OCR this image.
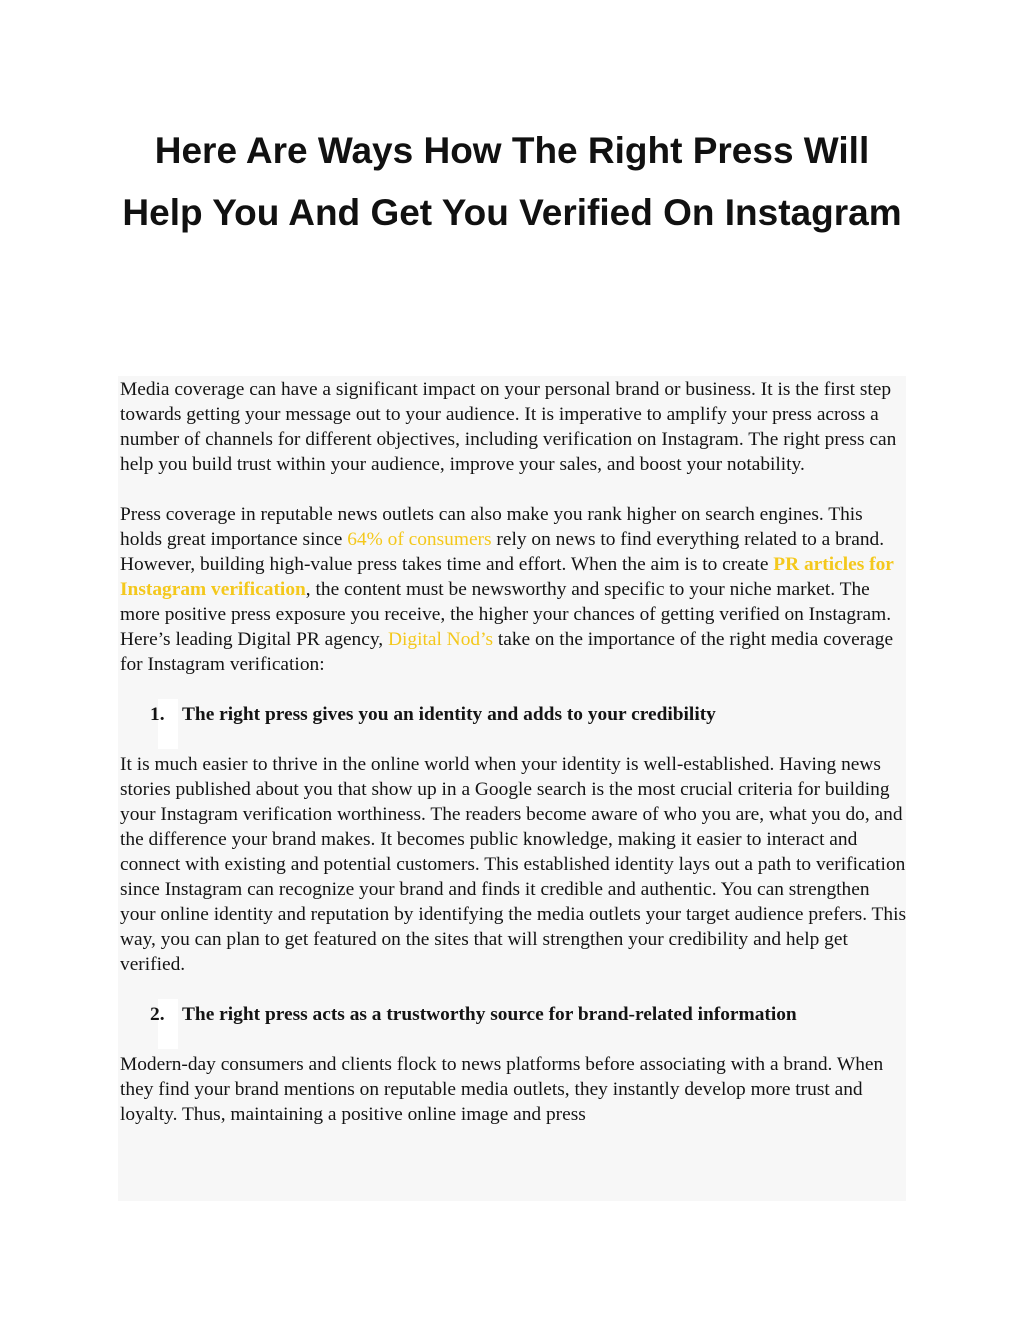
Here Are Ways How The Right Press Will Help You And Get You Verified On Instagram

Media coverage can have a significant impact on your personal brand or business. It is the first step towards getting your message out to your audience. It is imperative to amplify your press across a number of channels for different objectives, including verification on Instagram. The right press can help you build trust within your audience, improve your sales, and boost your notability.

Press coverage in reputable news outlets can also make you rank higher on search engines. This holds great importance since 64% of consumers rely on news to find everything related to a brand. However, building high-value press takes time and effort. When the aim is to create PR articles for Instagram verification, the content must be newsworthy and specific to your niche market. The more positive press exposure you receive, the higher your chances of getting verified on Instagram. Here’s leading Digital PR agency, Digital Nod’s take on the importance of the right media coverage for Instagram verification:

1. The right press gives you an identity and adds to your credibility

It is much easier to thrive in the online world when your identity is well-established. Having news stories published about you that show up in a Google search is the most crucial criteria for building your Instagram verification worthiness. The readers become aware of who you are, what you do, and the difference your brand makes. It becomes public knowledge, making it easier to interact and connect with existing and potential customers. This established identity lays out a path to verification since Instagram can recognize your brand and finds it credible and authentic. You can strengthen your online identity and reputation by identifying the media outlets your target audience prefers. This way, you can plan to get featured on the sites that will strengthen your credibility and help get verified.

2. The right press acts as a trustworthy source for brand-related information

Modern-day consumers and clients flock to news platforms before associating with a brand. When they find your brand mentions on reputable media outlets, they instantly develop more trust and loyalty. Thus, maintaining a positive online image and press
